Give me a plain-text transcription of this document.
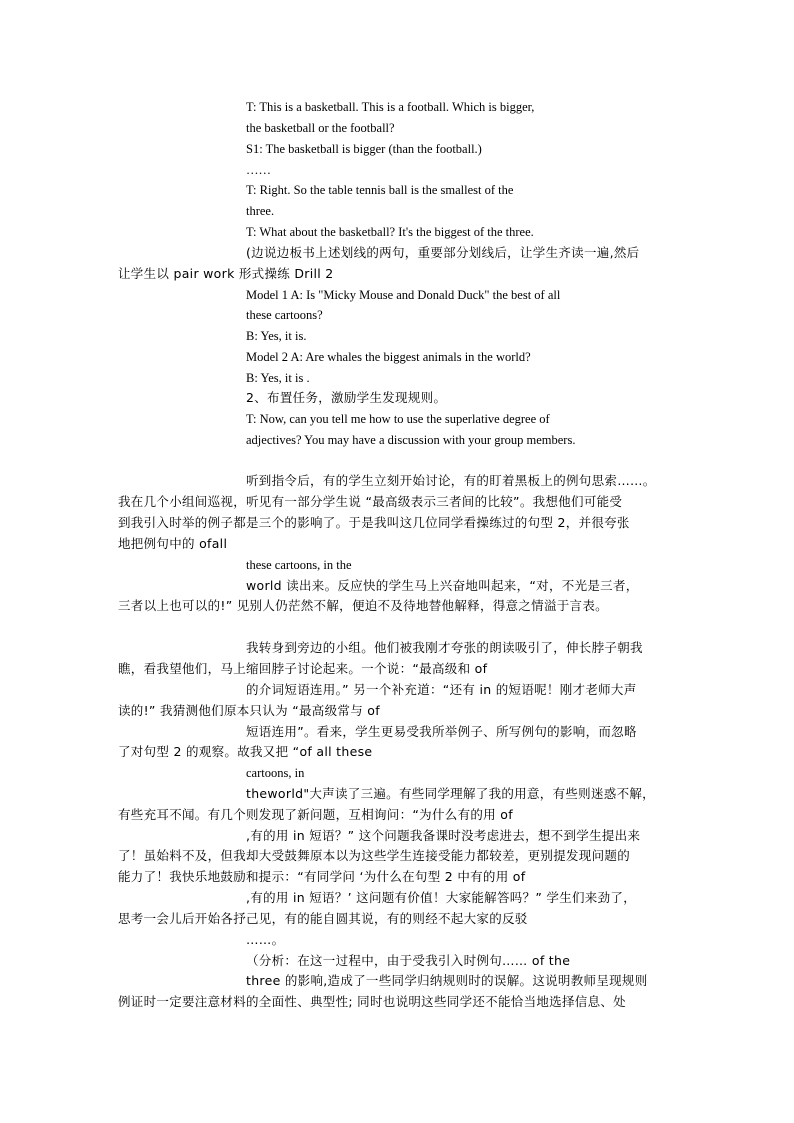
T: This is a basketball. This is a football. Which is bigger,
the basketball or the football?
S1: The basketball is bigger (than the football.)
……
T: Right. So the table tennis ball is the smallest of the
three.
T: What about the basketball? It's the biggest of the three.
(边说边板书上述划线的两句，重要部分划线后，让学生齐读一遍,然后
让学生以 pair work 形式操练 Drill 2
Model 1 A: Is "Micky Mouse and Donald Duck" the best of all
these cartoons?
B: Yes, it is.
Model 2 A: Are whales the biggest animals in the world?
B: Yes, it is .
2、布置任务，激励学生发现规则。
T: Now, can you tell me how to use the superlative degree of
adjectives? You may have a discussion with your group members.
听到指令后，有的学生立刻开始讨论，有的盯着黑板上的例句思索……。
我在几个小组间巡视，听见有一部分学生说 “最高级表示三者间的比较”。我想他们可能受
到我引入时举的例子都是三个的影响了。于是我叫这几位同学看操练过的句型 2，并很夸张
地把例句中的 ofall
these cartoons, in the
world 读出来。反应快的学生马上兴奋地叫起来，“对，不光是三者，
三者以上也可以的!” 见别人仍茫然不解，便迫不及待地替他解释，得意之情溢于言表。
我转身到旁边的小组。他们被我刚才夸张的朗读吸引了，伸长脖子朝我
瞧，看我望他们，马上缩回脖子讨论起来。一个说：“最高级和 of
的介词短语连用。” 另一个补充道：“还有 in 的短语呢！刚才老师大声
读的!” 我猜测他们原本只认为 “最高级常与 of
短语连用”。看来，学生更易受我所举例子、所写例句的影响，而忽略
了对句型 2 的观察。故我又把 “of all these
cartoons, in
theworld"大声读了三遍。有些同学理解了我的用意，有些则迷惑不解，
有些充耳不闻。有几个则发现了新问题，互相询问：“为什么有的用 of
,有的用 in 短语？” 这个问题我备课时没考虑进去，想不到学生提出来
了！虽始料不及，但我却大受鼓舞原本以为这些学生连接受能力都较差，更别提发现问题的
能力了！我快乐地鼓励和提示：“有同学问 ‘为什么在句型 2 中有的用 of
,有的用 in 短语？’ 这问题有价值！大家能解答吗？” 学生们来劲了，
思考一会儿后开始各抒己见，有的能自圆其说，有的则经不起大家的反驳
……。
（分析：在这一过程中，由于受我引入时例句…… of the
three 的影响,造成了一些同学归纳规则时的误解。这说明教师呈现规则
例证时一定要注意材料的全面性、典型性; 同时也说明这些同学还不能恰当地选择信息、处
